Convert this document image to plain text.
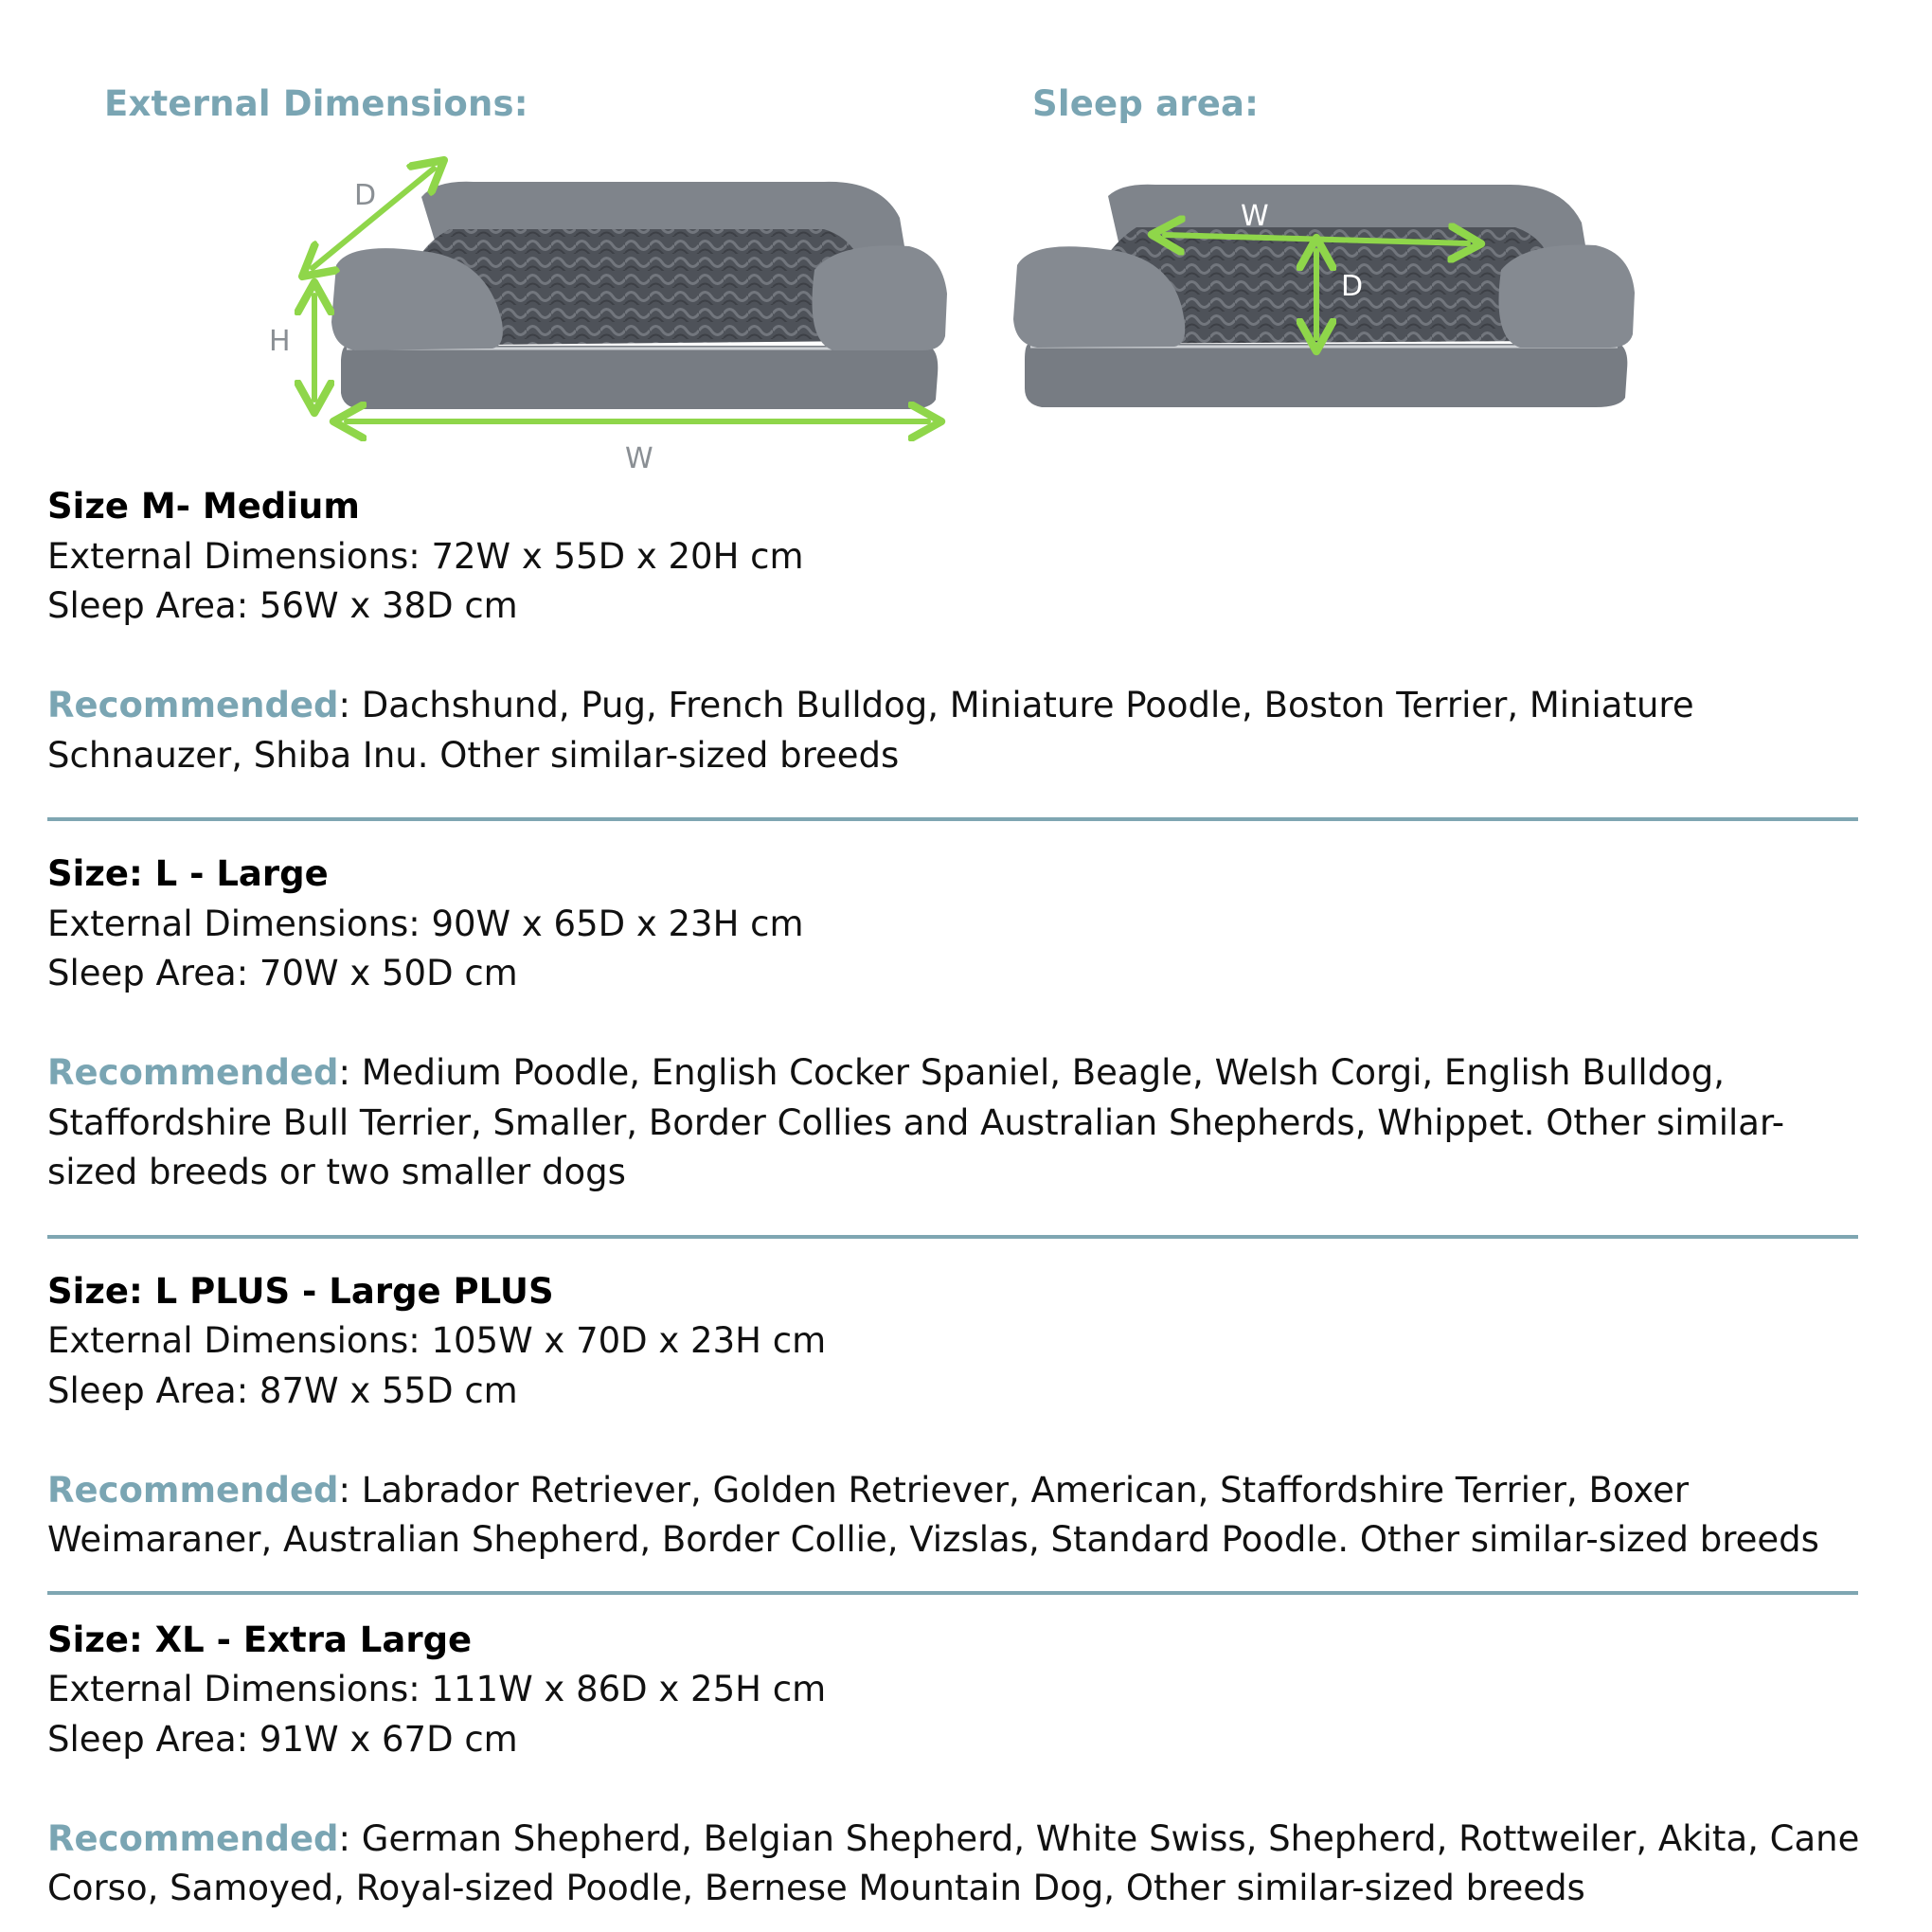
External Dimensions:	Sleep area:
D
H
W
W
D
Size M- Medium
External Dimensions: 72W x 55D x 20H cm
Sleep Area: 56W x 38D cm
Recommended: Dachshund, Pug, French Bulldog, Miniature Poodle, Boston Terrier, Miniature Schnauzer, Shiba Inu. Other similar-sized breeds
Size: L - Large
External Dimensions: 90W x 65D x 23H cm
Sleep Area: 70W x 50D cm
Recommended: Medium Poodle, English Cocker Spaniel, Beagle, Welsh Corgi, English Bulldog, Staffordshire Bull Terrier, Smaller, Border Collies and Australian Shepherds, Whippet. Other similar-sized breeds or two smaller dogs
Size: L PLUS - Large PLUS
External Dimensions: 105W x 70D x 23H cm
Sleep Area: 87W x 55D cm
Recommended: Labrador Retriever, Golden Retriever, American, Staffordshire Terrier, Boxer Weimaraner, Australian Shepherd, Border Collie, Vizslas, Standard Poodle. Other similar-sized breeds
Size: XL - Extra Large
External Dimensions: 111W x 86D x 25H cm
Sleep Area: 91W x 67D cm
Recommended: German Shepherd, Belgian Shepherd, White Swiss, Shepherd, Rottweiler, Akita, Cane Corso, Samoyed, Royal-sized Poodle, Bernese Mountain Dog, Other similar-sized breeds
